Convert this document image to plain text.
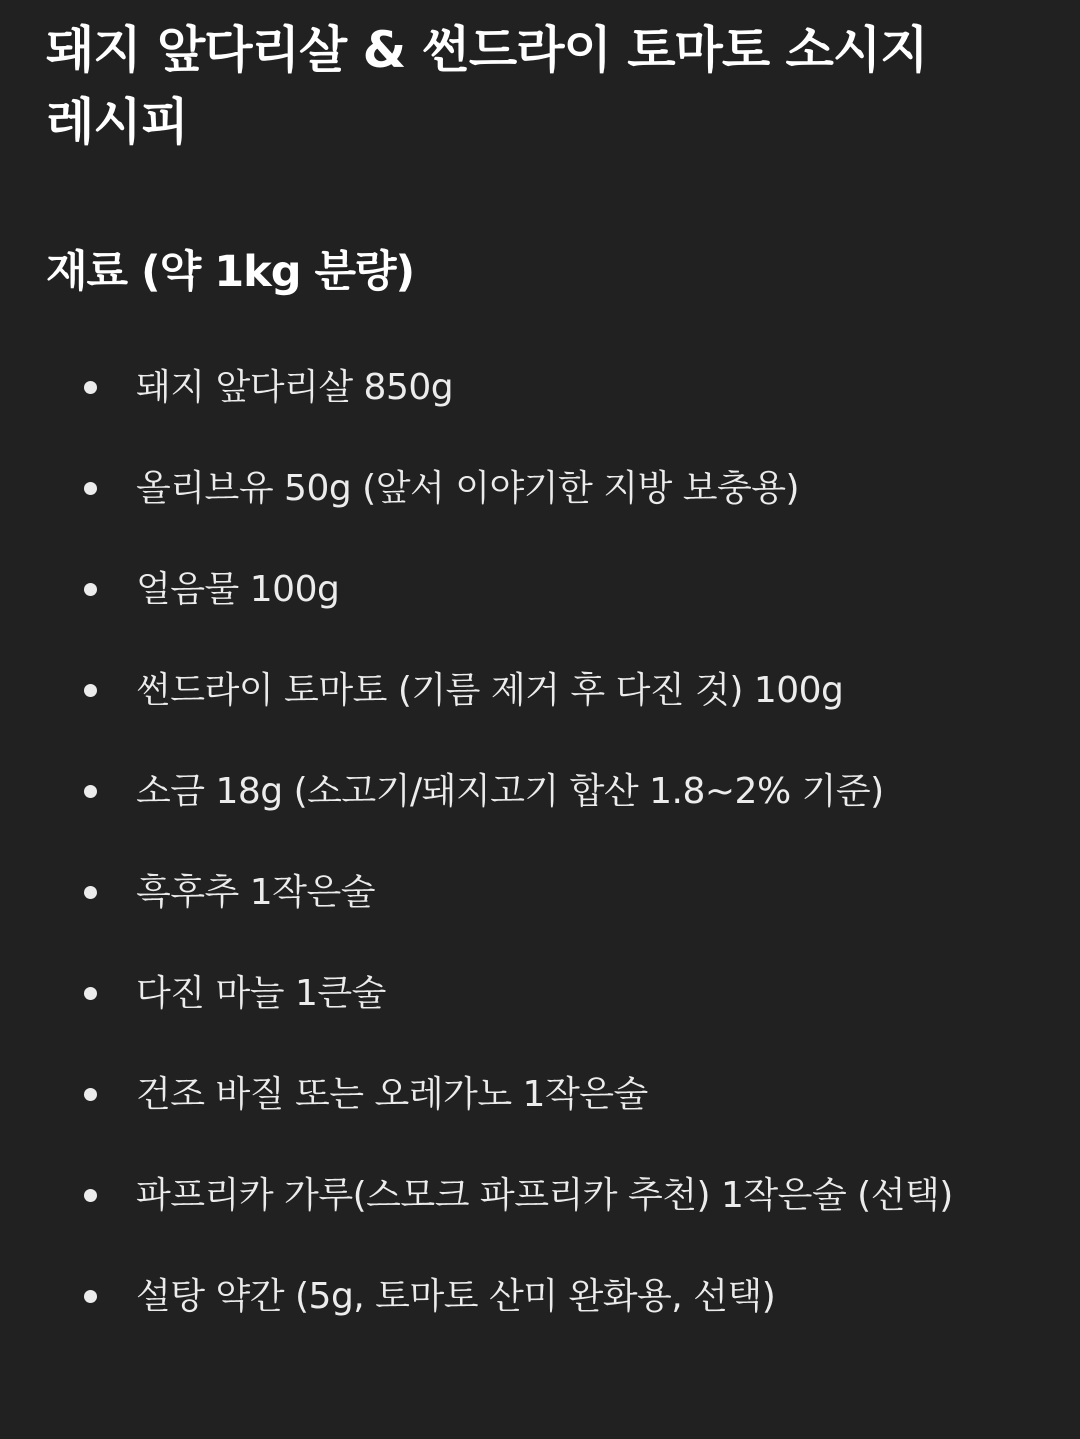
돼지 앞다리살 & 썬드라이 토마토 소시지 레시피
재료 (약 1kg 분량)
돼지 앞다리살 850g
올리브유 50g (앞서 이야기한 지방 보충용)
얼음물 100g
썬드라이 토마토 (기름 제거 후 다진 것) 100g
소금 18g (소고기/돼지고기 합산 1.8~2% 기준)
흑후추 1작은술
다진 마늘 1큰술
건조 바질 또는 오레가노 1작은술
파프리카 가루(스모크 파프리카 추천) 1작은술 (선택)
설탕 약간 (5g, 토마토 산미 완화용, 선택)
